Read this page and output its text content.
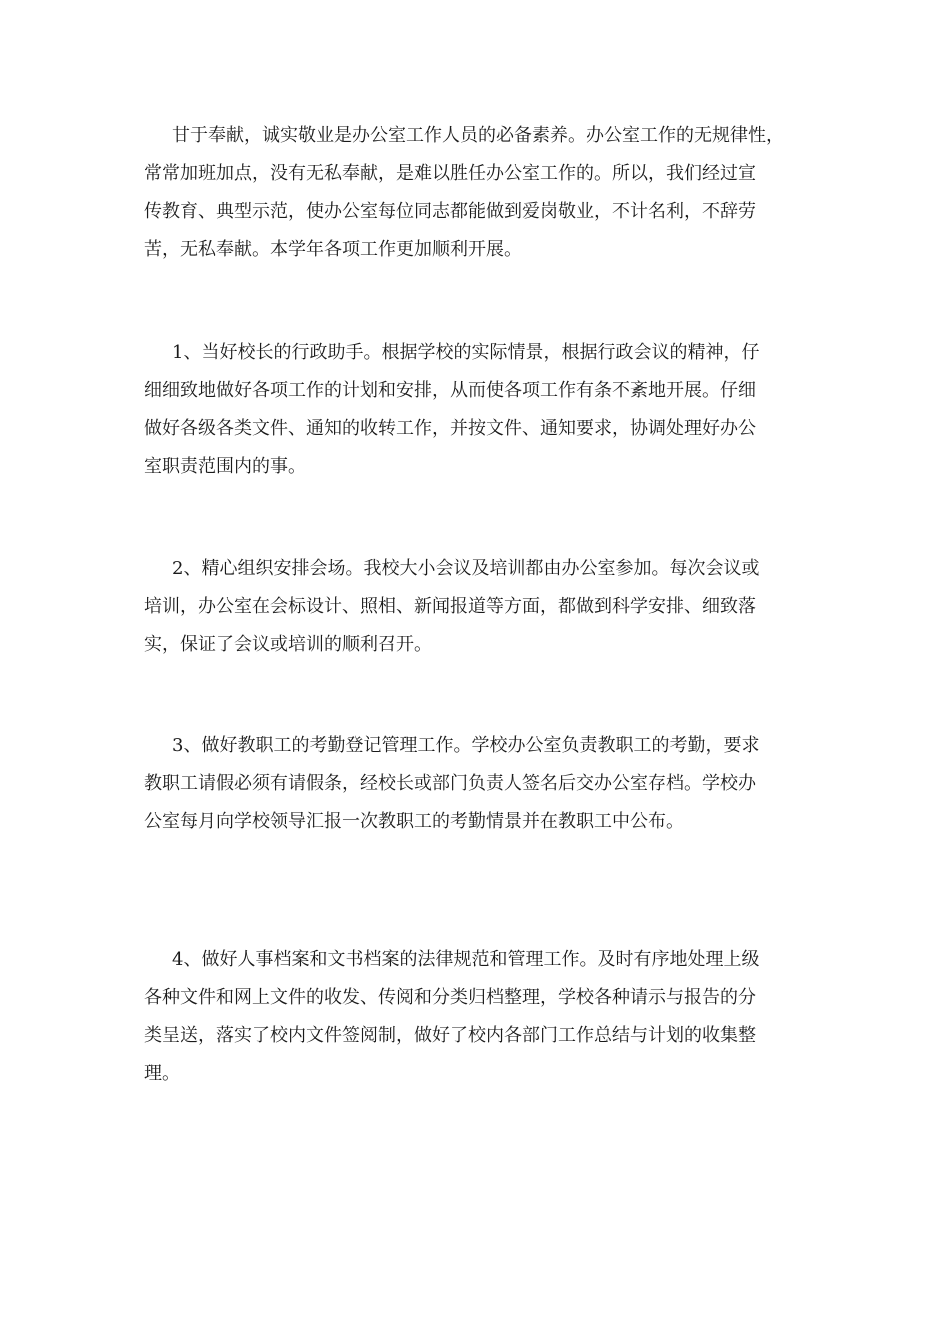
甘于奉献，诚实敬业是办公室工作人员的必备素养。办公室工作的无规律性，
常常加班加点，没有无私奉献，是难以胜任办公室工作的。所以，我们经过宣
传教育、典型示范，使办公室每位同志都能做到爱岗敬业，不计名利，不辞劳
苦，无私奉献。本学年各项工作更加顺利开展。

1、当好校长的行政助手。根据学校的实际情景，根据行政会议的精神，仔
细细致地做好各项工作的计划和安排，从而使各项工作有条不紊地开展。仔细
做好各级各类文件、通知的收转工作，并按文件、通知要求，协调处理好办公
室职责范围内的事。

2、精心组织安排会场。我校大小会议及培训都由办公室参加。每次会议或
培训，办公室在会标设计、照相、新闻报道等方面，都做到科学安排、细致落
实，保证了会议或培训的顺利召开。

3、做好教职工的考勤登记管理工作。学校办公室负责教职工的考勤，要求
教职工请假必须有请假条，经校长或部门负责人签名后交办公室存档。学校办
公室每月向学校领导汇报一次教职工的考勤情景并在教职工中公布。

4、做好人事档案和文书档案的法律规范和管理工作。及时有序地处理上级
各种文件和网上文件的收发、传阅和分类归档整理，学校各种请示与报告的分
类呈送，落实了校内文件签阅制，做好了校内各部门工作总结与计划的收集整
理。
